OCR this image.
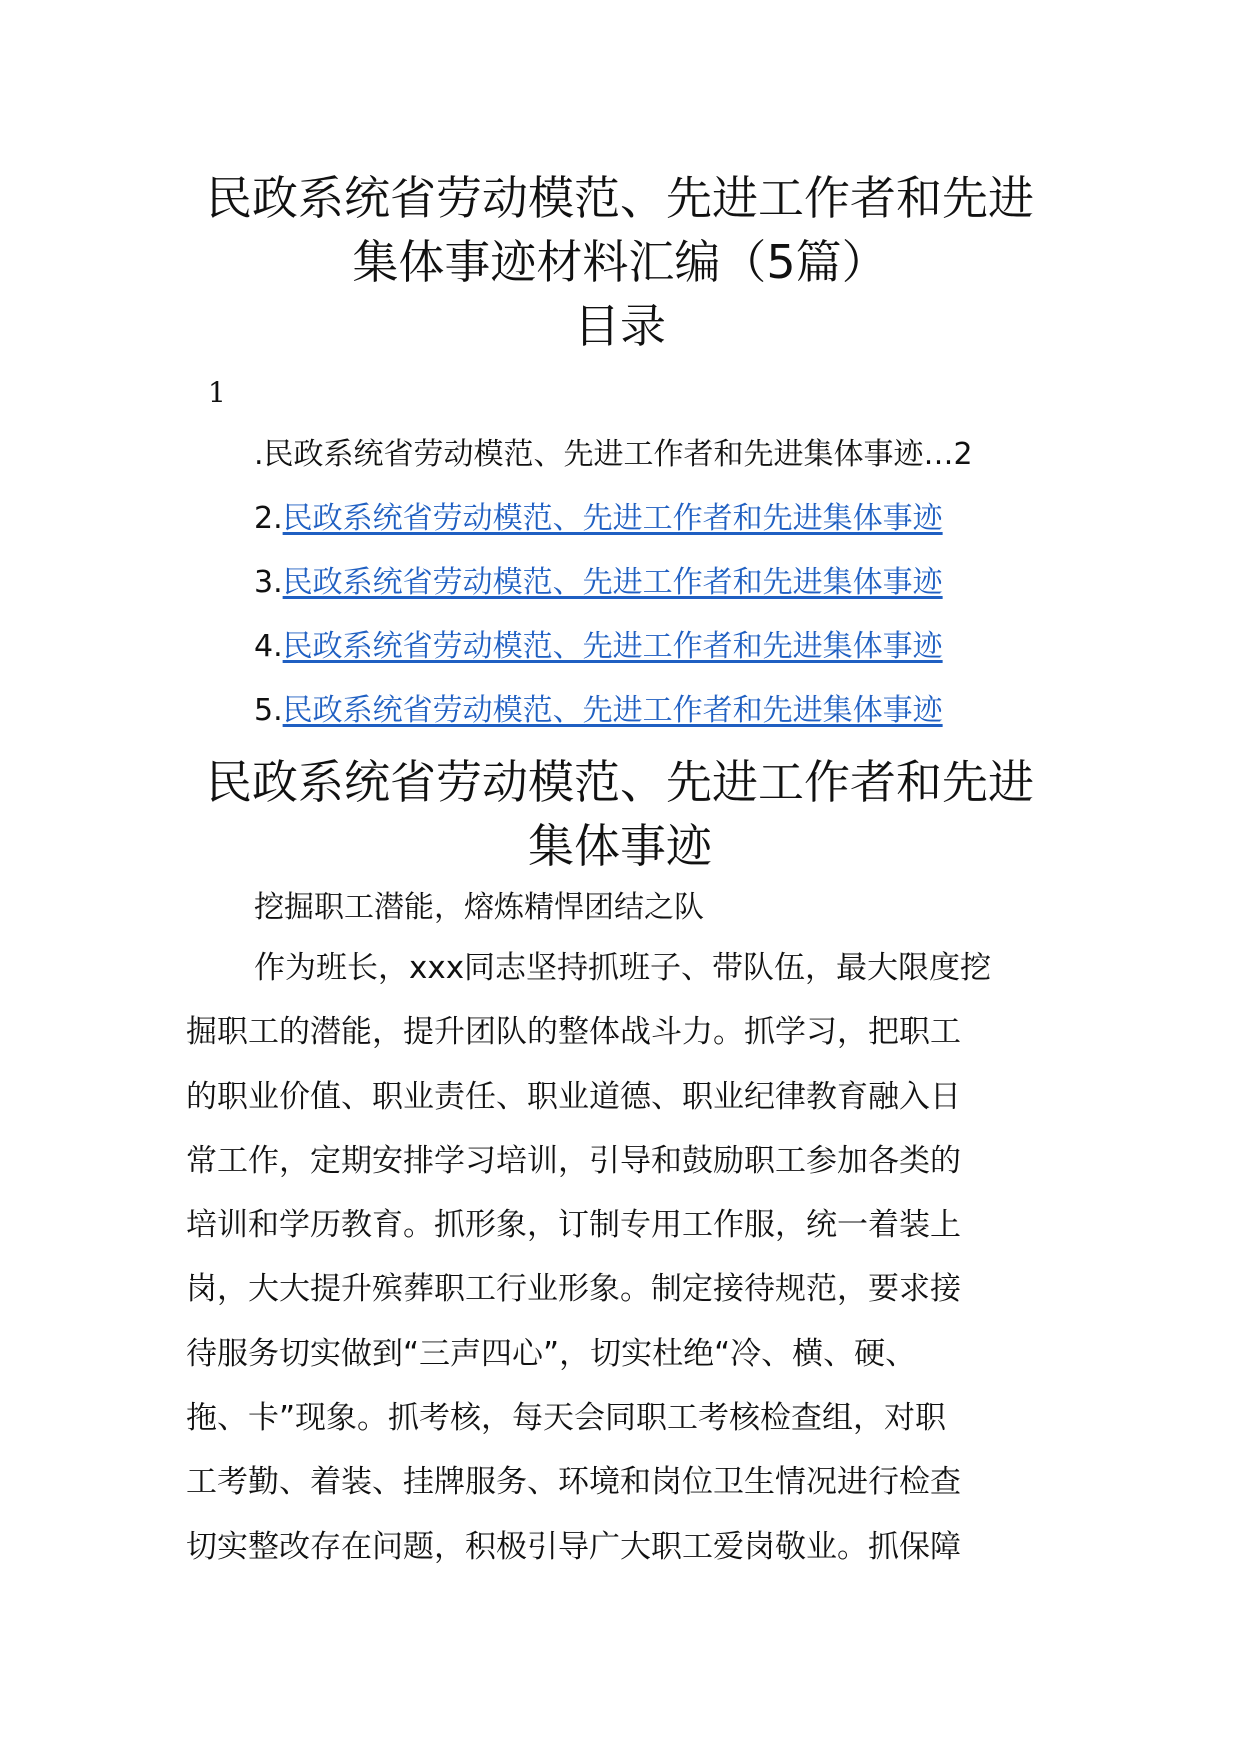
民政系统省劳动模范、先进工作者和先进
集体事迹材料汇编（5篇）
目录
1
.民政系统省劳动模范、先进工作者和先进集体事迹…2
2.民政系统省劳动模范、先进工作者和先进集体事迹
3.民政系统省劳动模范、先进工作者和先进集体事迹
4.民政系统省劳动模范、先进工作者和先进集体事迹
5.民政系统省劳动模范、先进工作者和先进集体事迹
民政系统省劳动模范、先进工作者和先进
集体事迹
挖掘职工潜能，熔炼精悍团结之队
作为班长，xxx同志坚持抓班子、带队伍，最大限度挖
掘职工的潜能，提升团队的整体战斗力。抓学习，把职工
的职业价值、职业责任、职业道德、职业纪律教育融入日
常工作，定期安排学习培训，引导和鼓励职工参加各类的
培训和学历教育。抓形象，订制专用工作服，统一着装上
岗，大大提升殡葬职工行业形象。制定接待规范，要求接
待服务切实做到“三声四心”，切实杜绝“冷、横、硬、
拖、卡”现象。抓考核，每天会同职工考核检查组，对职
工考勤、着装、挂牌服务、环境和岗位卫生情况进行检查
切实整改存在问题，积极引导广大职工爱岗敬业。抓保障
